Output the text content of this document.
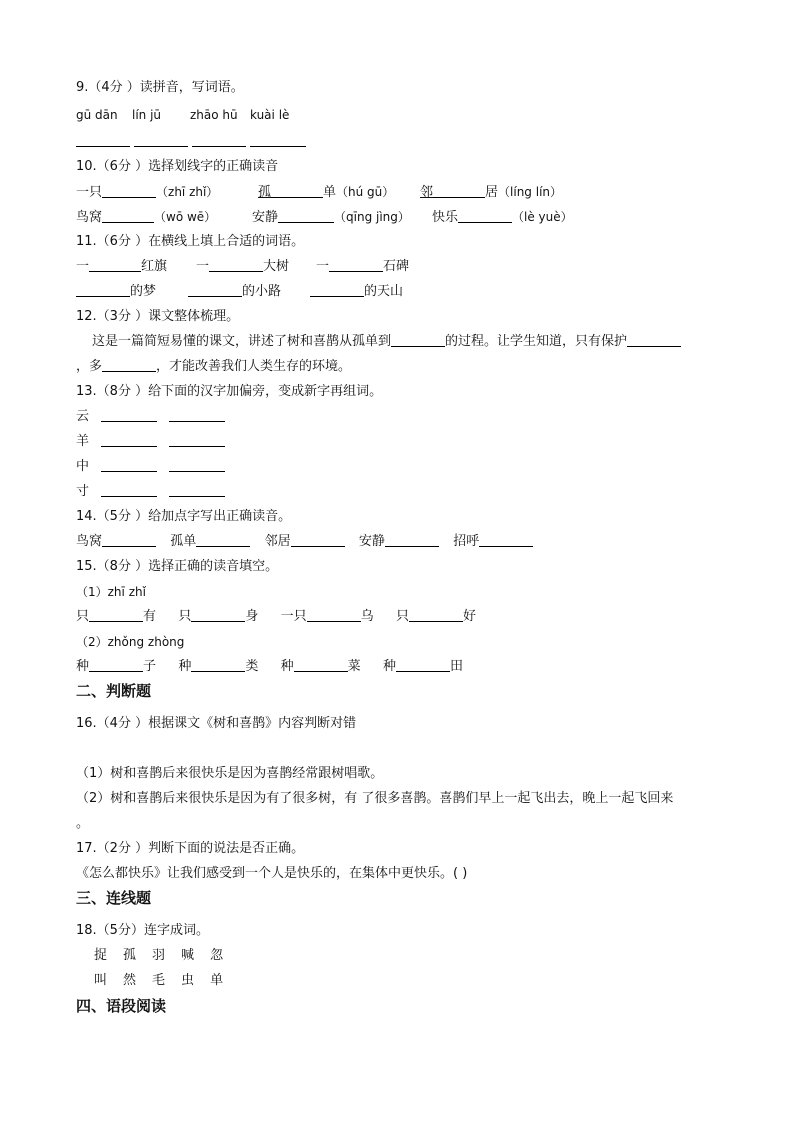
9.（4分 ）读拼音，写词语。
gū dān lín jū zhāo hū kuài lè
10.（6分 ）选择划线字的正确读音
一只	（zhī zhǐ）	孤	单（hú gū） 邻	居（líng lín）
鸟窝	（wō wē）	安静	（qīng jìng） 快乐	（lè yuè）
11.（6分 ）在横线上填上合适的词语。
一	红旗 一	大树 一	石碑
的梦	的小路	的天山
12.（3分 ）课文整体梳理。
这是一篇简短易懂的课文，讲述了树和喜鹊从孤单到	的过程。让学生知道，只有保护
，多	，才能改善我们人类生存的环境。
13.（8分 ）给下面的汉字加偏旁，变成新字再组词。
云
羊
中
寸
14.（5分 ）给加点字写出正确读音。
鸟窝	孤单	邻居	安静	招呼
15.（8分 ）选择正确的读音填空。
（1）zhī zhǐ
只	有 只	身 一只	乌 只	好
（2）zhǒng zhòng
种	子 种	类 种	菜 种	田
二、判断题
16.（4分 ）根据课文《树和喜鹊》内容判断对错
（1）树和喜鹊后来很快乐是因为喜鹊经常跟树唱歌。
（2）树和喜鹊后来很快乐是因为有了很多树，有 了很多喜鹊。喜鹊们早上一起飞出去，晚上一起飞回来
。
17.（2分 ）判断下面的说法是否正确。
《怎么都快乐》让我们感受到一个人是快乐的，在集体中更快乐。( )
三、连线题
18.（5分）连字成词。
捉 孤 羽 喊 忽
叫 然 毛 虫 单
四、语段阅读
